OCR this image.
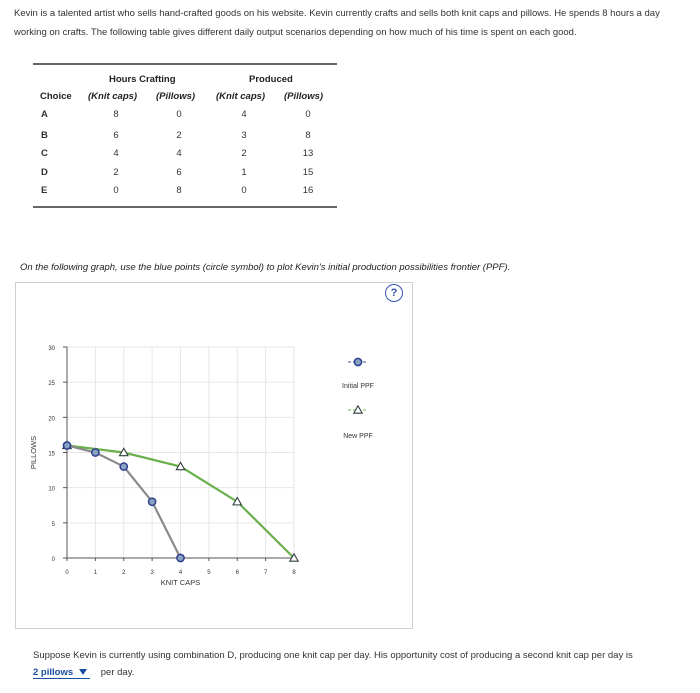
Kevin is a talented artist who sells hand-crafted goods on his website. Kevin currently crafts and sells both knit caps and pillows. He spends 8 hours a day working on crafts. The following table gives different daily output scenarios depending on how much of his time is spent on each good.
Hours Crafting	Produced
Choice (Knit caps) (Pillows) (Knit caps) (Pillows)
A	8	0	4	0
B	6	2	3	8
C	4	4	2	13
D	2	6	1	15
E	0	8	0	16
On the following graph, use the blue points (circle symbol) to plot Kevin's initial production possibilities frontier (PPF).
?
0
5
10
15
20
25
30
0	1	2	3	4	5	6	7	8
KNIT CAPS
PILLOWS
Initial PPF
New PPF
Suppose Kevin is currently using combination D, producing one knit cap per day. His opportunity cost of producing a second knit cap per day is
2 pillows	per day.
